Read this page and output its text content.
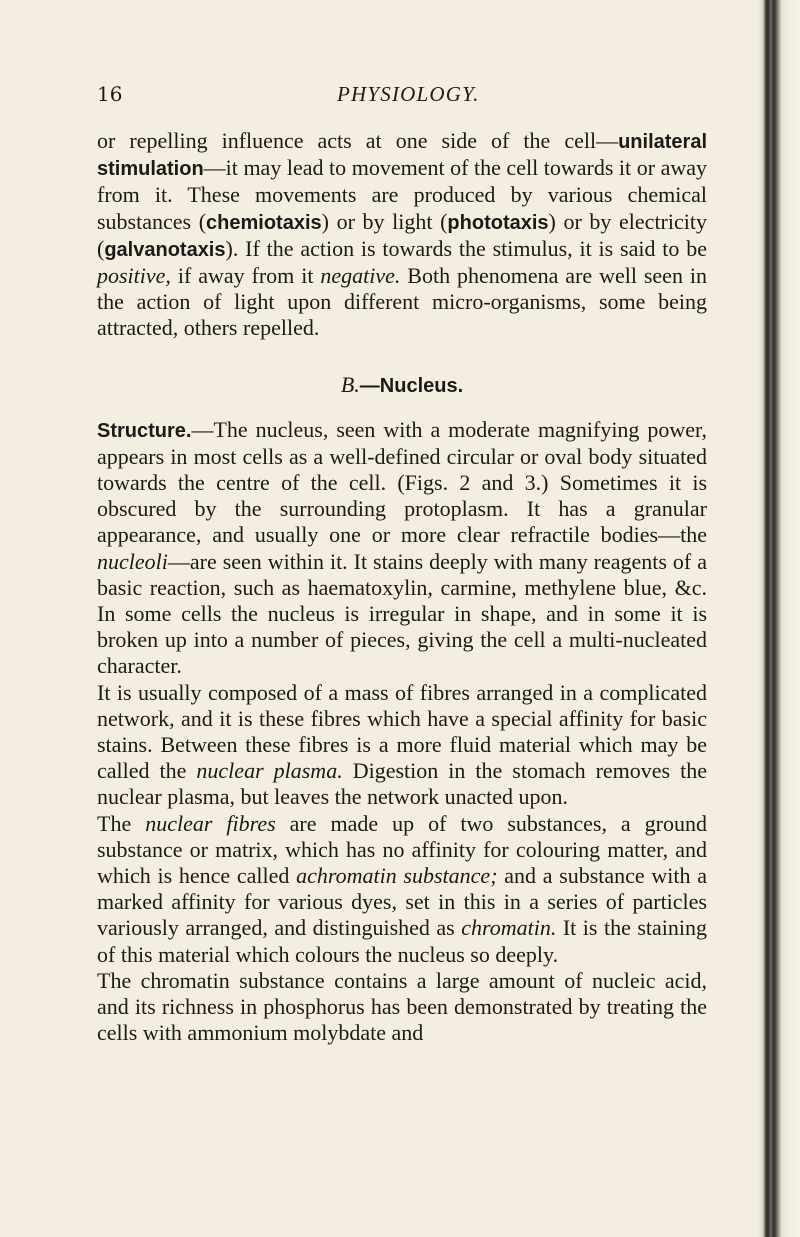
16	PHYSIOLOGY.

or repelling influence acts at one side of the cell—unilateral stimulation—it may lead to movement of the cell towards it or away from it. These movements are produced by various chemical substances (chemiotaxis) or by light (phototaxis) or by electricity (galvanotaxis). If the action is towards the stimulus, it is said to be positive, if away from it negative. Both phenomena are well seen in the action of light upon different micro-organisms, some being attracted, others repelled.

B.—Nucleus.

Structure.—The nucleus, seen with a moderate magnifying power, appears in most cells as a well-defined circular or oval body situated towards the centre of the cell. (Figs. 2 and 3.) Sometimes it is obscured by the surrounding protoplasm. It has a granular appearance, and usually one or more clear refractile bodies—the nucleoli—are seen within it. It stains deeply with many reagents of a basic reaction, such as haematoxylin, carmine, methylene blue, &c. In some cells the nucleus is irregular in shape, and in some it is broken up into a number of pieces, giving the cell a multi-nucleated character.

It is usually composed of a mass of fibres arranged in a complicated network, and it is these fibres which have a special affinity for basic stains. Between these fibres is a more fluid material which may be called the nuclear plasma. Digestion in the stomach removes the nuclear plasma, but leaves the network unacted upon.

The nuclear fibres are made up of two substances, a ground substance or matrix, which has no affinity for colouring matter, and which is hence called achromatin substance; and a substance with a marked affinity for various dyes, set in this in a series of particles variously arranged, and distinguished as chromatin. It is the staining of this material which colours the nucleus so deeply.

The chromatin substance contains a large amount of nucleic acid, and its richness in phosphorus has been demonstrated by treating the cells with ammonium molybdate and
